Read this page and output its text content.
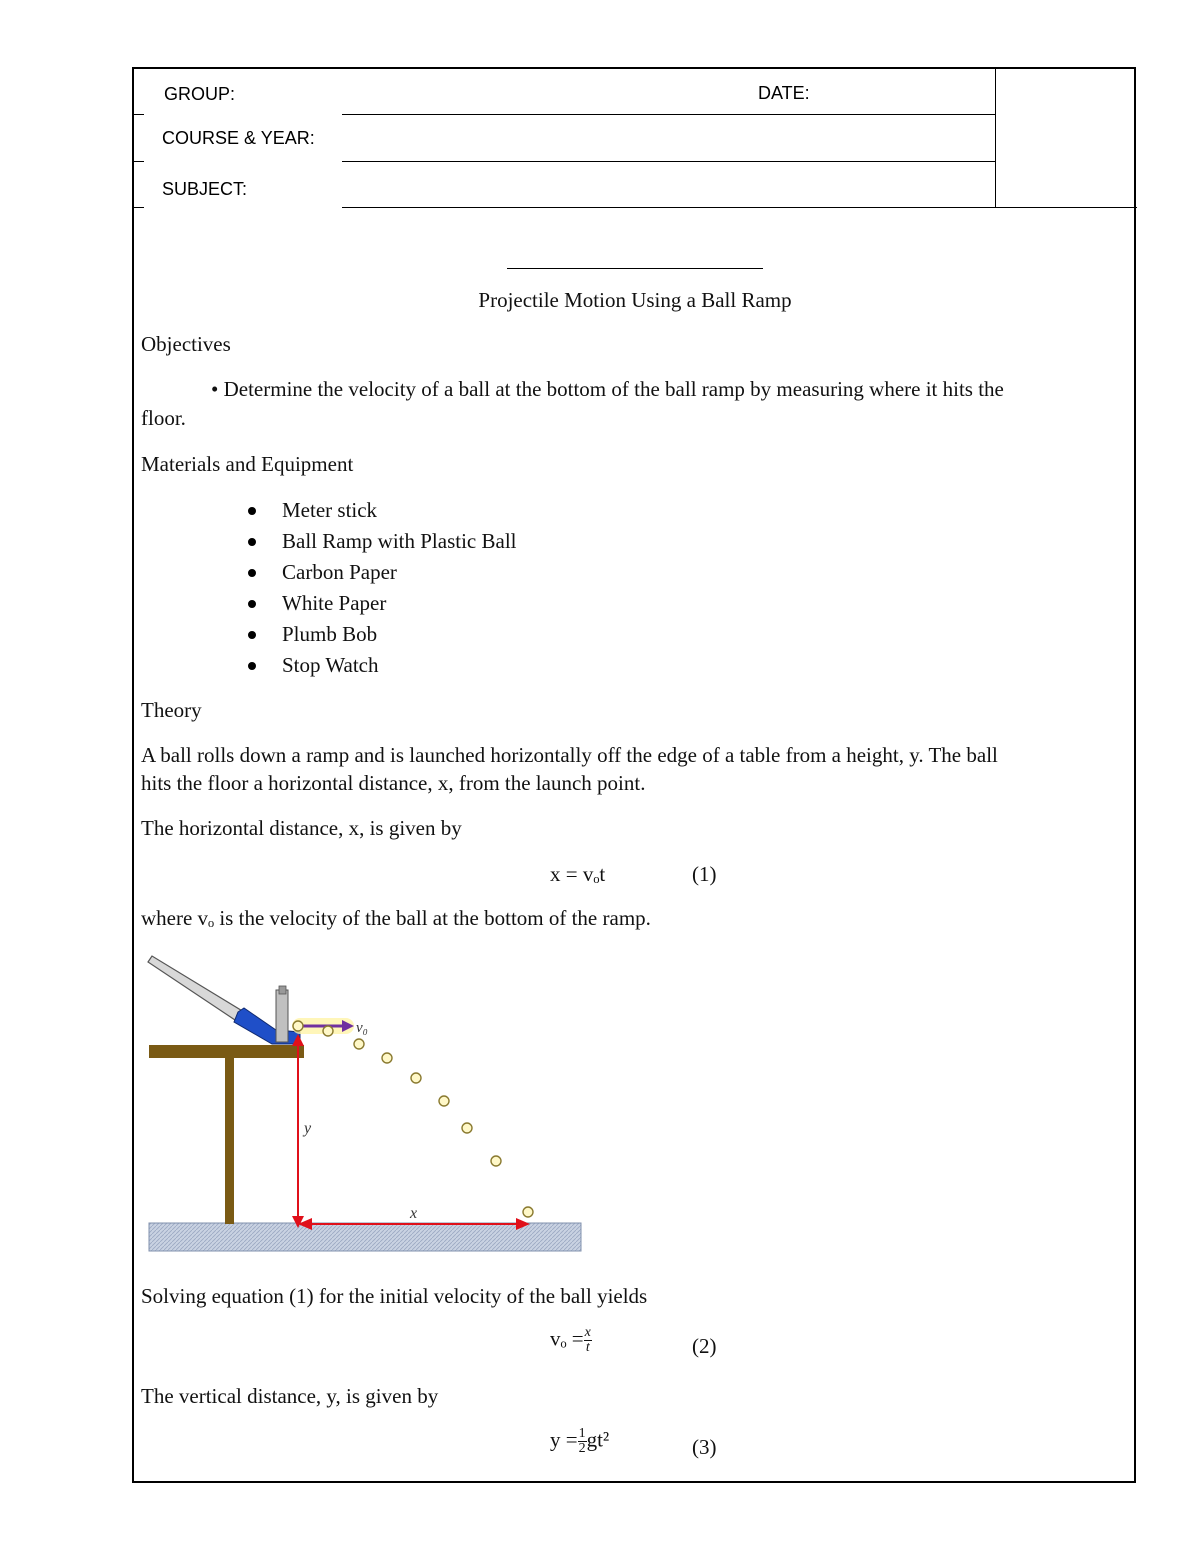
GROUP:	DATE:
COURSE & YEAR:
SUBJECT:
Projectile Motion Using a Ball Ramp
Objectives
• Determine the velocity of a ball at the bottom of the ball ramp by measuring where it hits the
floor.
Materials and Equipment
Meter stick
Ball Ramp with Plastic Ball
Carbon Paper
White Paper
Plumb Bob
Stop Watch
Theory
A ball rolls down a ramp and is launched horizontally off the edge of a table from a height, y. The ball
hits the floor a horizontal distance, x, from the launch point.
The horizontal distance, x, is given by
x = vₒt	(1)
where vₒ is the velocity of the ball at the bottom of the ramp.
v₀
y
x
Solving equation (1) for the initial velocity of the ball yields
$v_o = \frac{x}{t}$	(2)
The vertical distance, y, is given by
$y = \frac{1}{2} gt^2$	(3)
